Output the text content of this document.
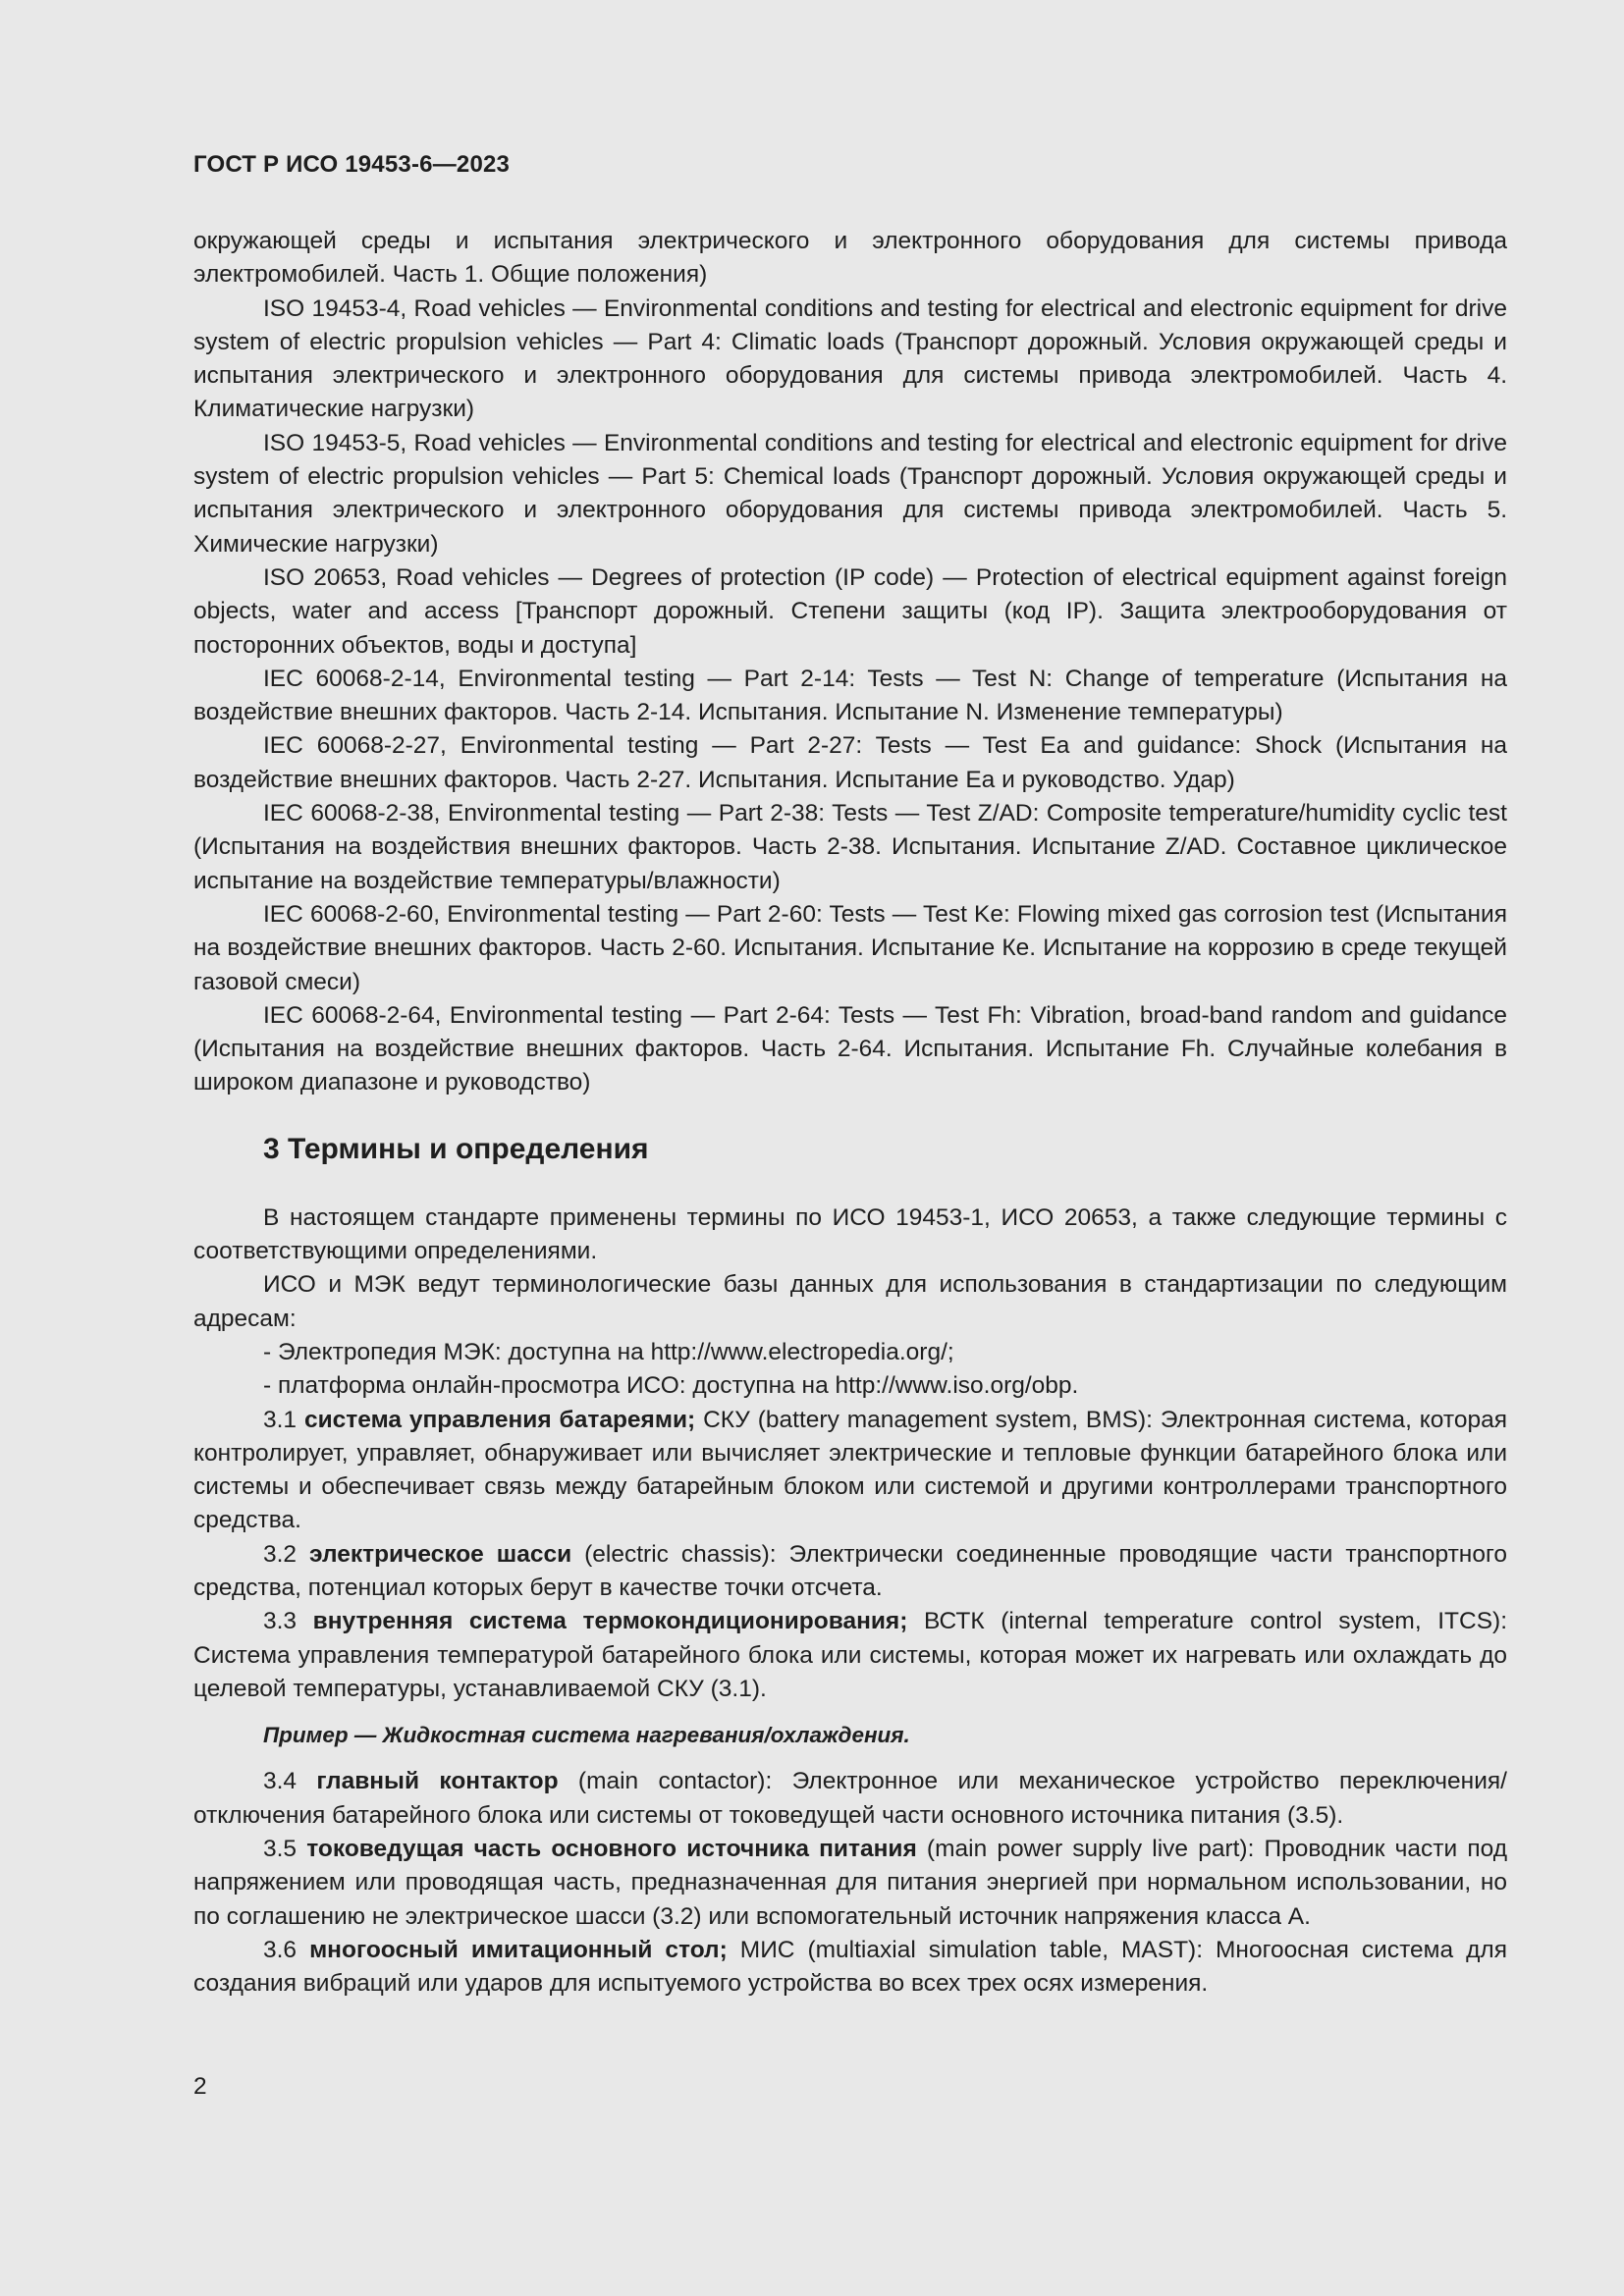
ГОСТ Р ИСО 19453-6—2023

окружающей среды и испытания электрического и электронного оборудования для системы привода электромобилей. Часть 1. Общие положения)

ISO 19453-4, Road vehicles — Environmental conditions and testing for electrical and electronic equipment for drive system of electric propulsion vehicles — Part 4: Climatic loads (Транспорт дорожный. Условия окружающей среды и испытания электрического и электронного оборудования для системы привода электромобилей. Часть 4. Климатические нагрузки)

ISO 19453-5, Road vehicles — Environmental conditions and testing for electrical and electronic equipment for drive system of electric propulsion vehicles — Part 5: Chemical loads (Транспорт дорожный. Условия окружающей среды и испытания электрического и электронного оборудования для системы привода электромобилей. Часть 5. Химические нагрузки)

ISO 20653, Road vehicles — Degrees of protection (IP code) — Protection of electrical equipment against foreign objects, water and access [Транспорт дорожный. Степени защиты (код IP). Защита электрооборудования от посторонних объектов, воды и доступа]

IEC 60068-2-14, Environmental testing — Part 2-14: Tests — Test N: Change of temperature (Испытания на воздействие внешних факторов. Часть 2-14. Испытания. Испытание N. Изменение температуры)

IEC 60068-2-27, Environmental testing — Part 2-27: Tests — Test Ea and guidance: Shock (Испытания на воздействие внешних факторов. Часть 2-27. Испытания. Испытание Еа и руководство. Удар)

IEC 60068-2-38, Environmental testing — Part 2-38: Tests — Test Z/AD: Composite temperature/humidity cyclic test (Испытания на воздействия внешних факторов. Часть 2-38. Испытания. Испытание Z/AD. Составное циклическое испытание на воздействие температуры/влажности)

IEC 60068-2-60, Environmental testing — Part 2-60: Tests — Test Ke: Flowing mixed gas corrosion test (Испытания на воздействие внешних факторов. Часть 2-60. Испытания. Испытание Ке. Испытание на коррозию в среде текущей газовой смеси)

IEC 60068-2-64, Environmental testing — Part 2-64: Tests — Test Fh: Vibration, broad-band random and guidance (Испытания на воздействие внешних факторов. Часть 2-64. Испытания. Испытание Fh. Случайные колебания в широком диапазоне и руководство)

3 Термины и определения

В настоящем стандарте применены термины по ИСО 19453-1, ИСО 20653, а также следующие термины с соответствующими определениями.

ИСО и МЭК ведут терминологические базы данных для использования в стандартизации по следующим адресам:

- Электропедия МЭК: доступна на http://www.electropedia.org/;

- платформа онлайн-просмотра ИСО: доступна на http://www.iso.org/obp.

3.1 система управления батареями; СКУ (battery management system, BMS): Электронная система, которая контролирует, управляет, обнаруживает или вычисляет электрические и тепловые функции батарейного блока или системы и обеспечивает связь между батарейным блоком или системой и другими контроллерами транспортного средства.

3.2 электрическое шасси (electric chassis): Электрически соединенные проводящие части транспортного средства, потенциал которых берут в качестве точки отсчета.

3.3 внутренняя система термокондиционирования; ВСТК (internal temperature control system, ITCS): Система управления температурой батарейного блока или системы, которая может их нагревать или охлаждать до целевой температуры, устанавливаемой СКУ (3.1).

Пример — Жидкостная система нагревания/охлаждения.

3.4 главный контактор (main contactor): Электронное или механическое устройство переключения/отключения батарейного блока или системы от токоведущей части основного источника питания (3.5).

3.5 токоведущая часть основного источника питания (main power supply live part): Проводник части под напряжением или проводящая часть, предназначенная для питания энергией при нормальном использовании, но по соглашению не электрическое шасси (3.2) или вспомогательный источник напряжения класса А.

3.6 многоосный имитационный стол; МИС (multiaxial simulation table, MAST): Многоосная система для создания вибраций или ударов для испытуемого устройства во всех трех осях измерения.

2
